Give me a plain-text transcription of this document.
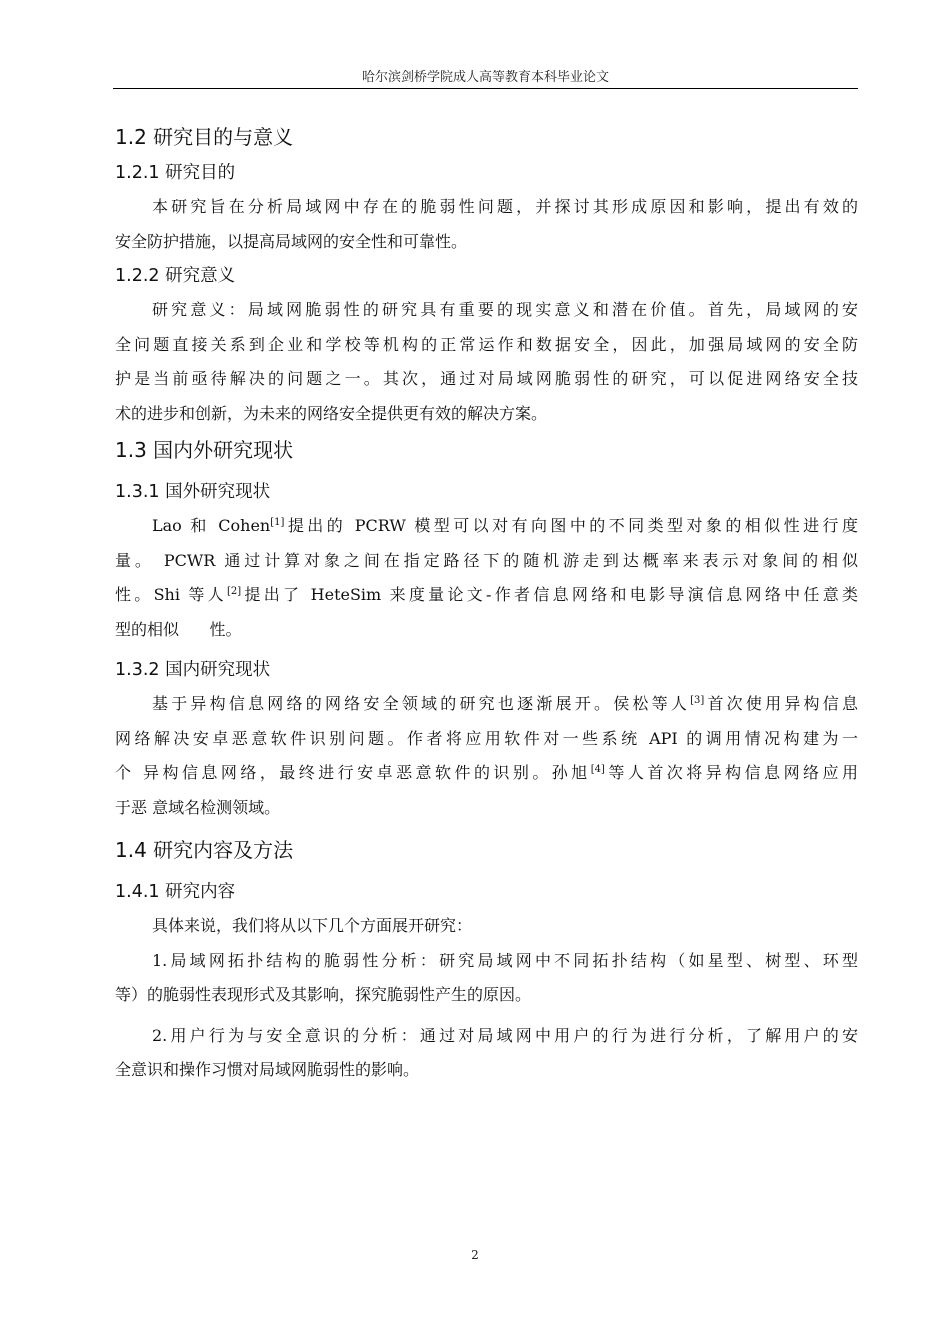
哈尔滨剑桥学院成人高等教育本科毕业论文
1.2 研究目的与意义
1.2.1 研究目的
本研究旨在分析局域网中存在的脆弱性问题，并探讨其形成原因和影响，提出有效的
安全防护措施，以提高局域网的安全性和可靠性。
1.2.2 研究意义
研究意义：局域网脆弱性的研究具有重要的现实意义和潜在价值。首先，局域网的安
全问题直接关系到企业和学校等机构的正常运作和数据安全，因此，加强局域网的安全防
护是当前亟待解决的问题之一。其次，通过对局域网脆弱性的研究，可以促进网络安全技
术的进步和创新，为未来的网络安全提供更有效的解决方案。
1.3 国内外研究现状
1.3.1 国外研究现状
Lao 和 Cohen[1]提出的 PCRW 模型可以对有向图中的不同类型对象的相似性进行度
量。 PCWR 通过计算对象之间在指定路径下的随机游走到达概率来表示对象间的相似
性。Shi 等人[2]提出了 HeteSim 来度量论文-作者信息网络和电影导演信息网络中任意类
型的相似      性。
1.3.2 国内研究现状
基于异构信息网络的网络安全领域的研究也逐渐展开。侯松等人[3]首次使用异构信息
网络解决安卓恶意软件识别问题。作者将应用软件对一些系统 API 的调用情况构建为一
个 异构信息网络，最终进行安卓恶意软件的识别。孙旭[4]等人首次将异构信息网络应用
于恶 意域名检测领域。
1.4 研究内容及方法
1.4.1 研究内容
具体来说，我们将从以下几个方面展开研究：
1.局域网拓扑结构的脆弱性分析：研究局域网中不同拓扑结构（如星型、树型、环型
等）的脆弱性表现形式及其影响，探究脆弱性产生的原因。
2.用户行为与安全意识的分析：通过对局域网中用户的行为进行分析，了解用户的安
全意识和操作习惯对局域网脆弱性的影响。
2
